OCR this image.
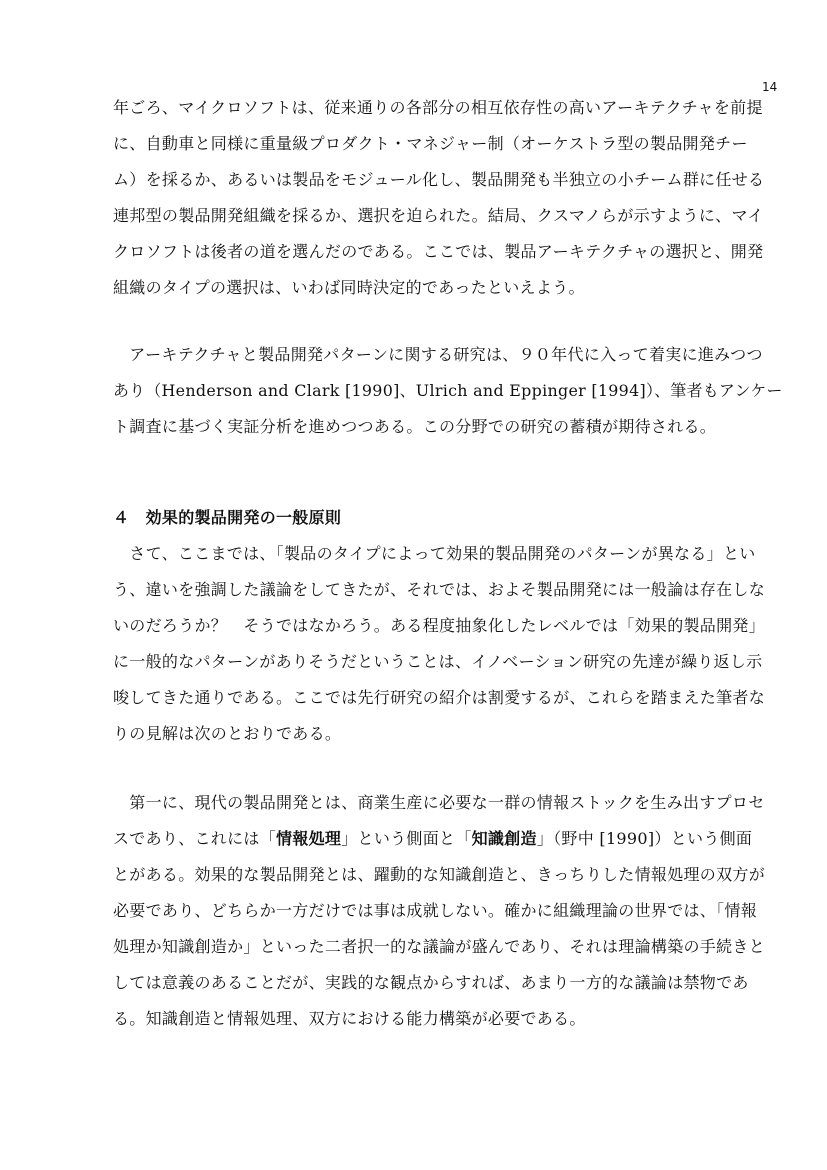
14

年ごろ、マイクロソフトは、従来通りの各部分の相互依存性の高いアーキテクチャを前提
に、自動車と同様に重量級プロダクト・マネジャー制（オーケストラ型の製品開発チー
ム）を採るか、あるいは製品をモジュール化し、製品開発も半独立の小チーム群に任せる
連邦型の製品開発組織を採るか、選択を迫られた。結局、クスマノらが示すように、マイ
クロソフトは後者の道を選んだのである。ここでは、製品アーキテクチャの選択と、開発
組織のタイプの選択は、いわば同時決定的であったといえよう。
　アーキテクチャと製品開発パターンに関する研究は、９０年代に入って着実に進みつつ
あり（Henderson and Clark [1990]、Ulrich and Eppinger [1994]）、筆者もアンケー
ト調査に基づく実証分析を進めつつある。この分野での研究の蓄積が期待される。
４　効果的製品開発の一般原則
　さて、ここまでは、「製品のタイプによって効果的製品開発のパターンが異なる」とい
う、違いを強調した議論をしてきたが、それでは、およそ製品開発には一般論は存在しな
いのだろうか？　そうではなかろう。ある程度抽象化したレベルでは「効果的製品開発」
に一般的なパターンがありそうだということは、イノベーション研究の先達が繰り返し示
唆してきた通りである。ここでは先行研究の紹介は割愛するが、これらを踏まえた筆者な
りの見解は次のとおりである。
　第一に、現代の製品開発とは、商業生産に必要な一群の情報ストックを生み出すプロセ
スであり、これには「情報処理」という側面と「知識創造」（野中 [1990]）という側面
とがある。効果的な製品開発とは、躍動的な知識創造と、きっちりした情報処理の双方が
必要であり、どちらか一方だけでは事は成就しない。確かに組織理論の世界では、「情報
処理か知識創造か」といった二者択一的な議論が盛んであり、それは理論構築の手続きと
しては意義のあることだが、実践的な観点からすれば、あまり一方的な議論は禁物であ
る。知識創造と情報処理、双方における能力構築が必要である。
